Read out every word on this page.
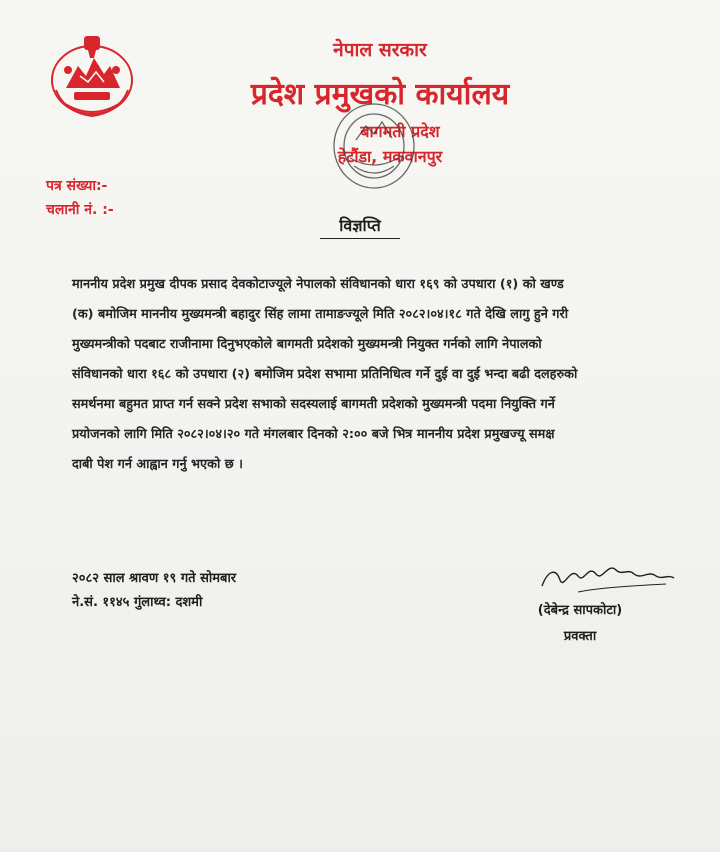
नेपाल सरकार
प्रदेश प्रमुखको कार्यालय
बागमती प्रदेश
हेटौंडा, मकवानपुर
पत्र संख्या:-
चलानी नं. :-
विज्ञप्ति
माननीय प्रदेश प्रमुख दीपक प्रसाद देवकोटाज्यूले नेपालको संविधानको धारा १६९ को उपधारा (१) को खण्ड
(क) बमोजिम माननीय मुख्यमन्त्री बहादुर सिंह लामा तामाङज्यूले मिति २०८२।०४।१८ गते देखि लागु हुने गरी
मुख्यमन्त्रीको पदबाट राजीनामा दिनुभएकोले बागमती प्रदेशको मुख्यमन्त्री नियुक्त गर्नको लागि नेपालको
संविधानको धारा १६८ को उपधारा (२) बमोजिम प्रदेश सभामा प्रतिनिधित्व गर्ने दुई वा दुई भन्दा बढी दलहरुको
समर्थनमा बहुमत प्राप्त गर्न सक्ने प्रदेश सभाको सदस्यलाई बागमती प्रदेशको मुख्यमन्त्री पदमा नियुक्ति गर्ने
प्रयोजनको लागि मिति २०८२।०४।२० गते मंगलबार दिनको २:०० बजे भित्र माननीय प्रदेश प्रमुखज्यू समक्ष
दाबी पेश गर्न आह्वान गर्नु भएको छ ।
२०८२ साल श्रावण १९ गते सोमबार
ने.सं. ११४५ गुंलाथ्व: दशमी
(देबेन्द्र सापकोटा)
प्रवक्ता
